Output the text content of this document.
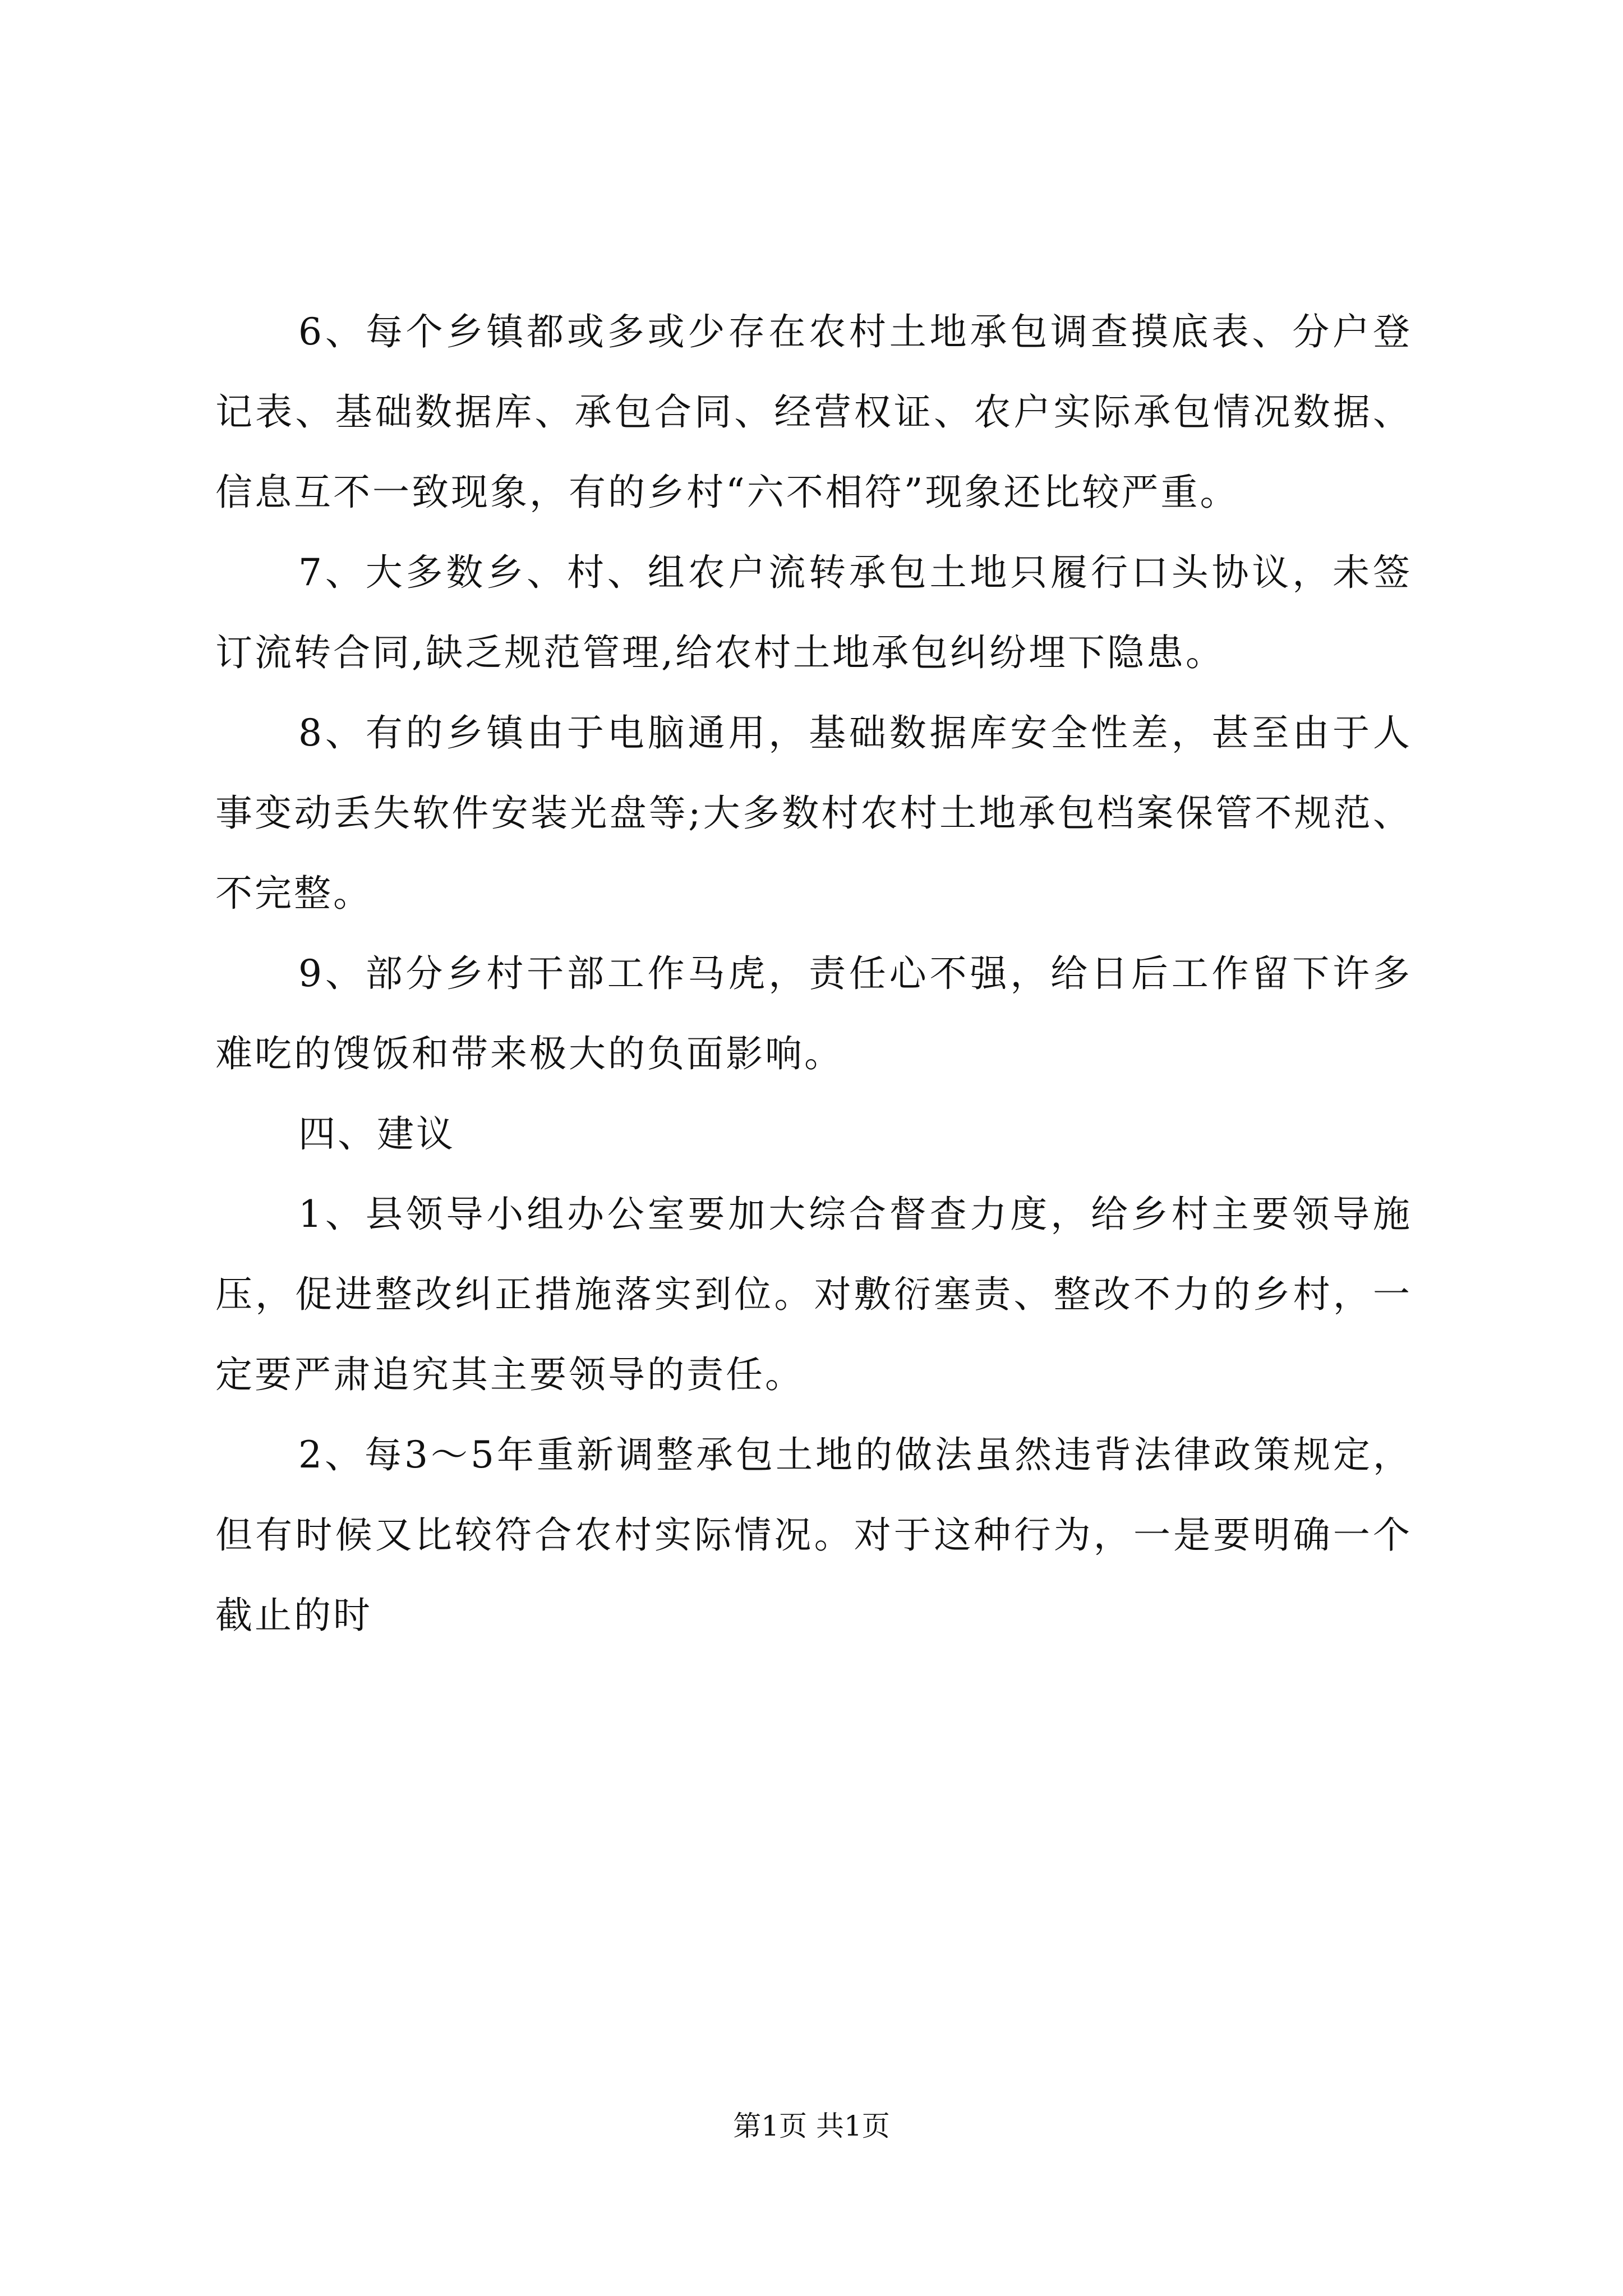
6、每个乡镇都或多或少存在农村土地承包调查摸底表、分户登记表、基础数据库、承包合同、经营权证、农户实际承包情况数据、信息互不一致现象，有的乡村“六不相符”现象还比较严重。

7、大多数乡、村、组农户流转承包土地只履行口头协议，未签订流转合同,缺乏规范管理,给农村土地承包纠纷埋下隐患。

8、有的乡镇由于电脑通用，基础数据库安全性差，甚至由于人事变动丢失软件安装光盘等;大多数村农村土地承包档案保管不规范、不完整。

9、部分乡村干部工作马虎，责任心不强，给日后工作留下许多难吃的馊饭和带来极大的负面影响。

四、建议

1、县领导小组办公室要加大综合督查力度，给乡村主要领导施压，促进整改纠正措施落实到位。对敷衍塞责、整改不力的乡村，一定要严肃追究其主要领导的责任。

2、每3～5年重新调整承包土地的做法虽然违背法律政策规定，但有时候又比较符合农村实际情况。对于这种行为，一是要明确一个截止的时

第1页 共1页
